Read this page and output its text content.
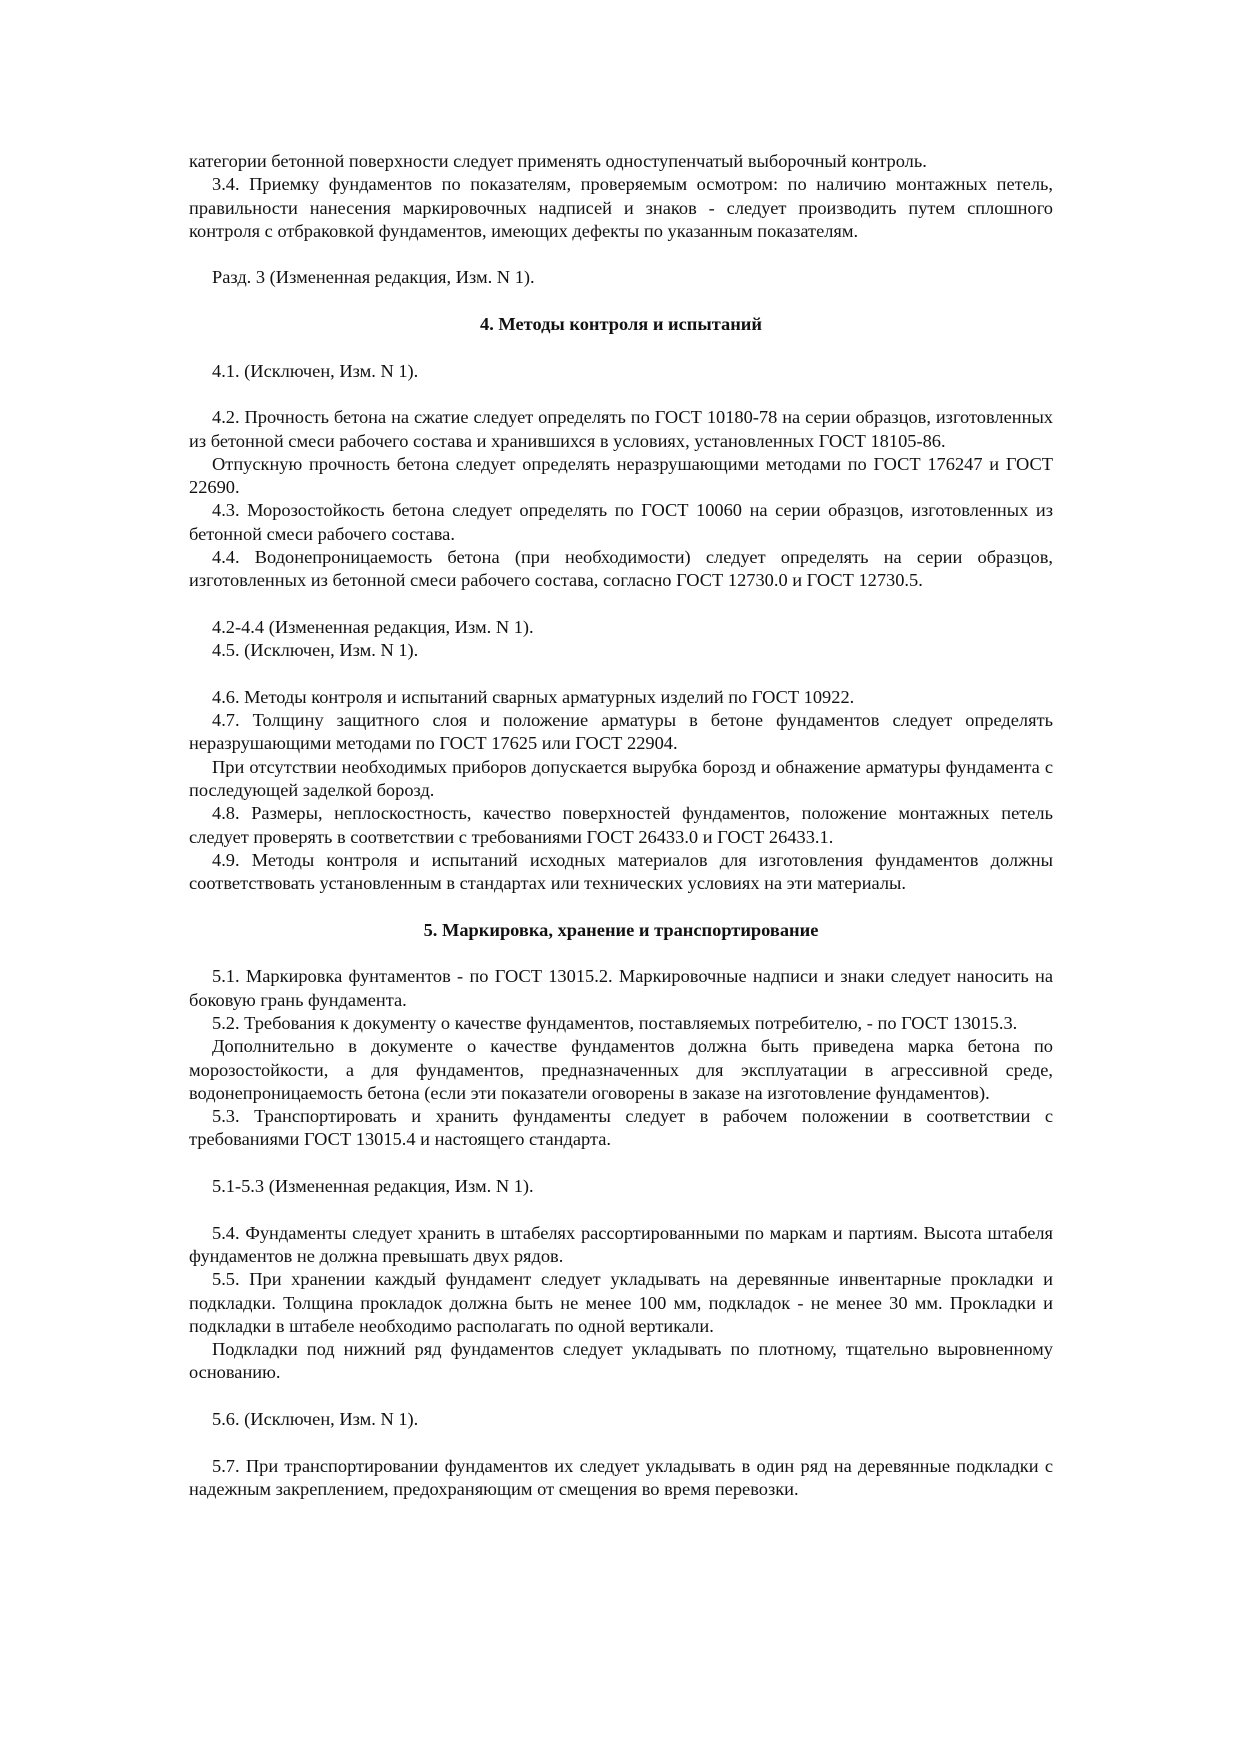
категории бетонной поверхности следует применять одноступенчатый выборочный контроль.

3.4. Приемку фундаментов по показателям, проверяемым осмотром: по наличию монтажных петель, правильности нанесения маркировочных надписей и знаков - следует производить путем сплошного контроля с отбраковкой фундаментов, имеющих дефекты по указанным показателям.

Разд. 3 (Измененная редакция, Изм. N 1).

4. Методы контроля и испытаний

4.1. (Исключен, Изм. N 1).

4.2. Прочность бетона на сжатие следует определять по ГОСТ 10180-78 на серии образцов, изготовленных из бетонной смеси рабочего состава и хранившихся в условиях, установленных ГОСТ 18105-86.

Отпускную прочность бетона следует определять неразрушающими методами по ГОСТ 176247 и ГОСТ 22690.

4.3. Морозостойкость бетона следует определять по ГОСТ 10060 на серии образцов, изготовленных из бетонной смеси рабочего состава.

4.4. Водонепроницаемость бетона (при необходимости) следует определять на серии образцов, изготовленных из бетонной смеси рабочего состава, согласно ГОСТ 12730.0 и ГОСТ 12730.5.

4.2-4.4 (Измененная редакция, Изм. N 1).

4.5. (Исключен, Изм. N 1).

4.6. Методы контроля и испытаний сварных арматурных изделий по ГОСТ 10922.

4.7. Толщину защитного слоя и положение арматуры в бетоне фундаментов следует определять неразрушающими методами по ГОСТ 17625 или ГОСТ 22904.

При отсутствии необходимых приборов допускается вырубка борозд и обнажение арматуры фундамента с последующей заделкой борозд.

4.8. Размеры, неплоскостность, качество поверхностей фундаментов, положение монтажных петель следует проверять в соответствии с требованиями ГОСТ 26433.0 и ГОСТ 26433.1.

4.9. Методы контроля и испытаний исходных материалов для изготовления фундаментов должны соответствовать установленным в стандартах или технических условиях на эти материалы.

5. Маркировка, хранение и транспортирование

5.1. Маркировка фунтаментов - по ГОСТ 13015.2. Маркировочные надписи и знаки следует наносить на боковую грань фундамента.

5.2. Требования к документу о качестве фундаментов, поставляемых потребителю, - по ГОСТ 13015.3.

Дополнительно в документе о качестве фундаментов должна быть приведена марка бетона по морозостойкости, а для фундаментов, предназначенных для эксплуатации в агрессивной среде, водонепроницаемость бетона (если эти показатели оговорены в заказе на изготовление фундаментов).

5.3. Транспортировать и хранить фундаменты следует в рабочем положении в соответствии с требованиями ГОСТ 13015.4 и настоящего стандарта.

5.1-5.3 (Измененная редакция, Изм. N 1).

5.4. Фундаменты следует хранить в штабелях рассортированными по маркам и партиям. Высота штабеля фундаментов не должна превышать двух рядов.

5.5. При хранении каждый фундамент следует укладывать на деревянные инвентарные прокладки и подкладки. Толщина прокладок должна быть не менее 100 мм, подкладок - не менее 30 мм. Прокладки и подкладки в штабеле необходимо располагать по одной вертикали.

Подкладки под нижний ряд фундаментов следует укладывать по плотному, тщательно выровненному основанию.

5.6. (Исключен, Изм. N 1).

5.7. При транспортировании фундаментов их следует укладывать в один ряд на деревянные подкладки с надежным закреплением, предохраняющим от смещения во время перевозки.
